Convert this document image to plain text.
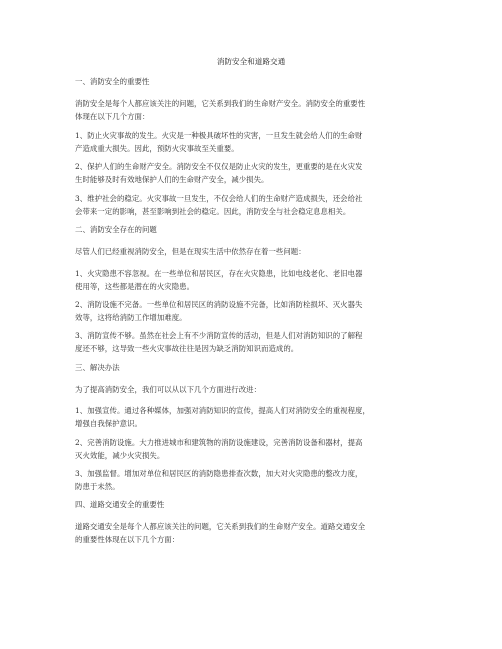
消防安全和道路交通
一、消防安全的重要性
消防安全是每个人都应该关注的问题，它关系到我们的生命财产安全。消防安全的重要性
体现在以下几个方面：
1、防止火灾事故的发生。火灾是一种极具破坏性的灾害，一旦发生就会给人们的生命财
产造成重大损失。因此，预防火灾事故至关重要。
2、保护人们的生命财产安全。消防安全不仅仅是防止火灾的发生，更重要的是在火灾发
生时能够及时有效地保护人们的生命财产安全，减少损失。
3、维护社会的稳定。火灾事故一旦发生，不仅会给人们的生命财产造成损失，还会给社
会带来一定的影响，甚至影响到社会的稳定。因此，消防安全与社会稳定息息相关。
二、消防安全存在的问题
尽管人们已经重视消防安全，但是在现实生活中依然存在着一些问题：
1、火灾隐患不容忽视。在一些单位和居民区，存在火灾隐患，比如电线老化、老旧电器
使用等，这些都是潜在的火灾隐患。
2、消防设施不完备。一些单位和居民区的消防设施不完备，比如消防栓损坏、灭火器失
效等，这将给消防工作增加难度。
3、消防宣传不够。虽然在社会上有不少消防宣传的活动，但是人们对消防知识的了解程
度还不够，这导致一些火灾事故往往是因为缺乏消防知识而造成的。
三、解决办法
为了提高消防安全，我们可以从以下几个方面进行改进：
1、加强宣传。通过各种媒体，加强对消防知识的宣传，提高人们对消防安全的重视程度，
增强自我保护意识。
2、完善消防设施。大力推进城市和建筑物的消防设施建设，完善消防设备和器材，提高
灭火效能，减少火灾损失。
3、加强监督。增加对单位和居民区的消防隐患排查次数，加大对火灾隐患的整改力度，
防患于未然。
四、道路交通安全的重要性
道路交通安全是每个人都应该关注的问题，它关系到我们的生命财产安全。道路交通安全
的重要性体现在以下几个方面：
